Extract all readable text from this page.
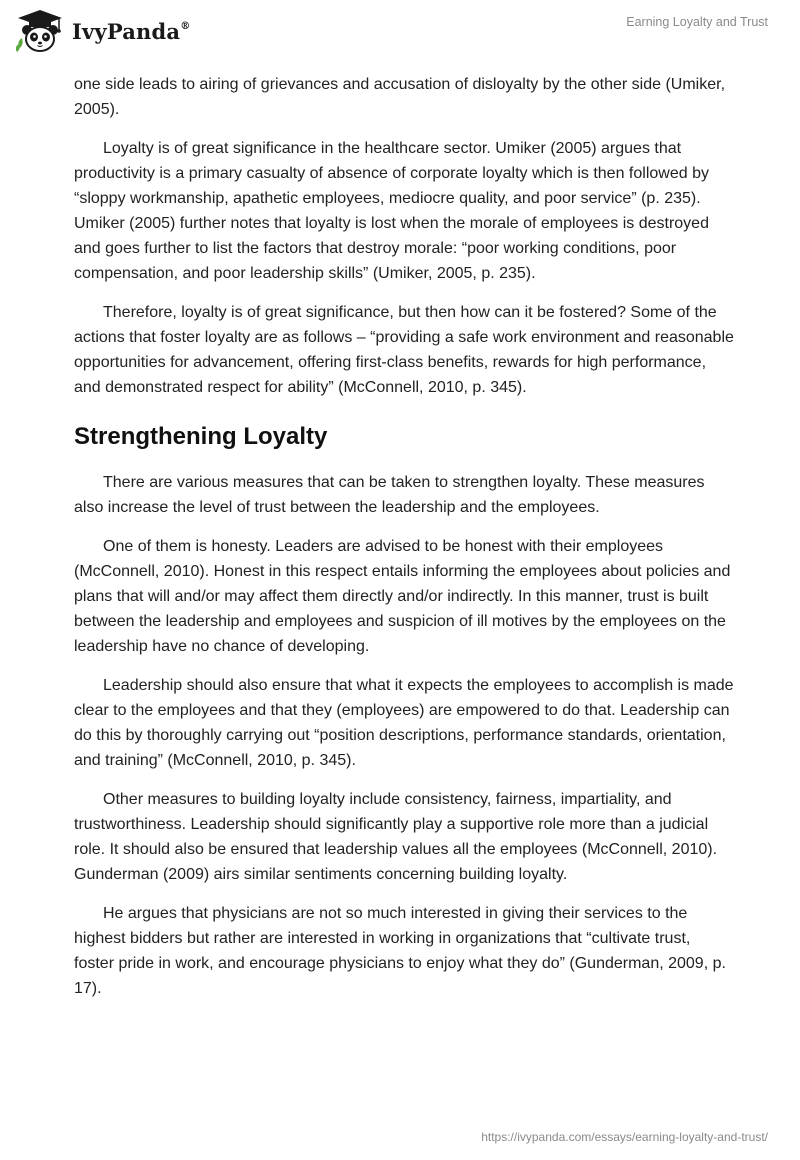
IvyPanda®	Earning Loyalty and Trust

one side leads to airing of grievances and accusation of disloyalty by the other side (Umiker, 2005).

Loyalty is of great significance in the healthcare sector. Umiker (2005) argues that productivity is a primary casualty of absence of corporate loyalty which is then followed by “sloppy workmanship, apathetic employees, mediocre quality, and poor service” (p. 235). Umiker (2005) further notes that loyalty is lost when the morale of employees is destroyed and goes further to list the factors that destroy morale: “poor working conditions, poor compensation, and poor leadership skills” (Umiker, 2005, p. 235).

Therefore, loyalty is of great significance, but then how can it be fostered? Some of the actions that foster loyalty are as follows – “providing a safe work environment and reasonable opportunities for advancement, offering first-class benefits, rewards for high performance, and demonstrated respect for ability” (McConnell, 2010, p. 345).

Strengthening Loyalty

There are various measures that can be taken to strengthen loyalty. These measures also increase the level of trust between the leadership and the employees.

One of them is honesty. Leaders are advised to be honest with their employees (McConnell, 2010). Honest in this respect entails informing the employees about policies and plans that will and/or may affect them directly and/or indirectly. In this manner, trust is built between the leadership and employees and suspicion of ill motives by the employees on the leadership have no chance of developing.

Leadership should also ensure that what it expects the employees to accomplish is made clear to the employees and that they (employees) are empowered to do that. Leadership can do this by thoroughly carrying out “position descriptions, performance standards, orientation, and training” (McConnell, 2010, p. 345).

Other measures to building loyalty include consistency, fairness, impartiality, and trustworthiness. Leadership should significantly play a supportive role more than a judicial role. It should also be ensured that leadership values all the employees (McConnell, 2010). Gunderman (2009) airs similar sentiments concerning building loyalty.

He argues that physicians are not so much interested in giving their services to the highest bidders but rather are interested in working in organizations that “cultivate trust, foster pride in work, and encourage physicians to enjoy what they do” (Gunderman, 2009, p. 17).

https://ivypanda.com/essays/earning-loyalty-and-trust/
